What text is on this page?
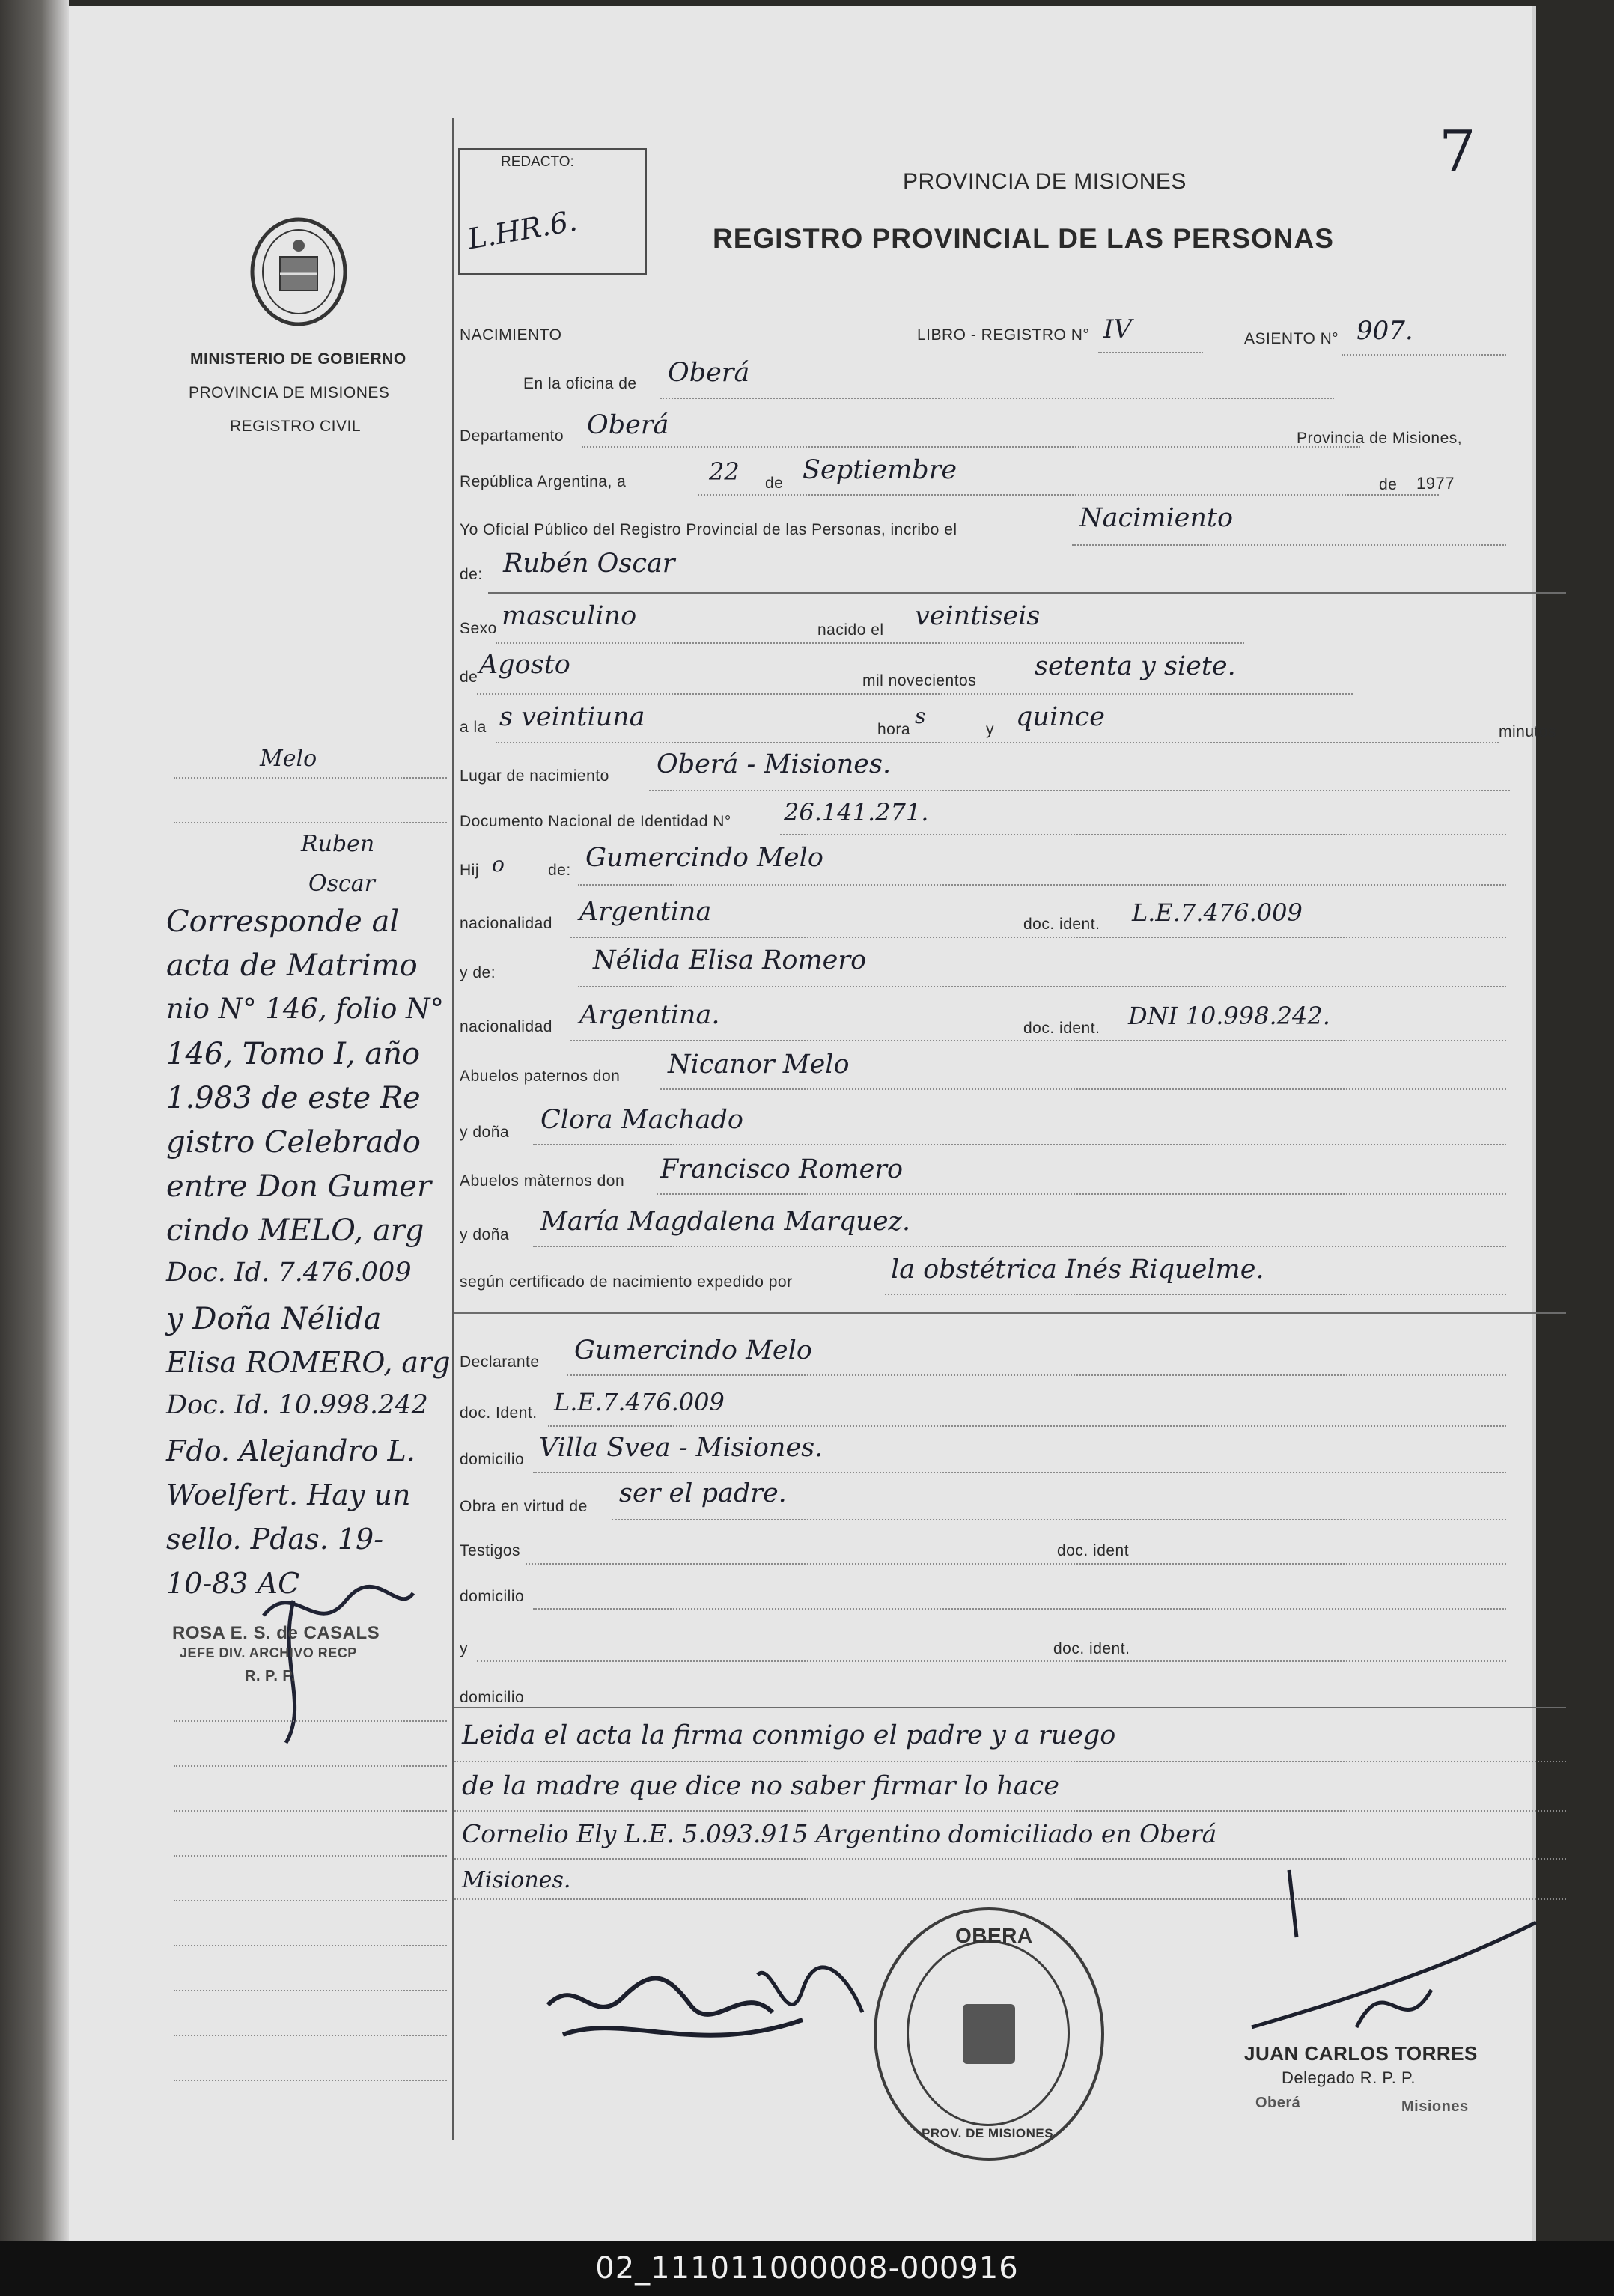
MINISTERIO DE GOBIERNO
PROVINCIA DE MISIONES
REGISTRO CIVIL
REDACTO:
L.HR.6.
7
PROVINCIA DE MISIONES
REGISTRO PROVINCIAL DE LAS PERSONAS
NACIMIENTO	LIBRO - REGISTRO N° IV	ASIENTO N° 907.
En la oficina de Oberá
Departamento Oberá	Provincia de Misiones,
República Argentina, a	22 de Septiembre	de 1977
Yo Oficial Público del Registro Provincial de las Personas, incribo el	Nacimiento
de: Rubén Oscar
Sexo masculino	nacido el veintiseis
de Agosto
mil novecientos setenta y siete.
a la s veintiuna	hora
s
y quince	minutos
Lugar de nacimiento Oberá - Misiones.
Documento Nacional de Identidad N° 26.141.271.
Hij o	de: Gumercindo Melo
nacionalidad Argentina	doc. ident. L.E.7.476.009
y de:	Nélida Elisa Romero
nacionalidad Argentina.	doc. ident. DNI 10.998.242.
Abuelos paternos don Nicanor Melo
y doña Clora Machado
Abuelos màternos don Francisco Romero
y doña María Magdalena Marquez.
según certificado de nacimiento expedido por	la obstétrica Inés Riquelme.
Declarante Gumercindo Melo
doc. Ident. L.E.7.476.009
domicilio Villa Svea - Misiones.
Obra en virtud de ser el padre.
Testigos	doc. ident
domicilio
y	doc. ident.
domicilio
Leida el acta la firma conmigo el padre y a ruego
de la madre que dice no saber firmar lo hace
Cornelio Ely L.E. 5.093.915 Argentino domiciliado en Oberá
Misiones.
Melo
Ruben
Oscar
Corresponde al
acta de Matrimo
nio N° 146, folio N°
146, Tomo I, año
1.983 de este Re
gistro Celebrado
entre Don Gumer
cindo MELO, arg
Doc. Id. 7.476.009
y Doña Nélida
Elisa ROMERO, arg
Doc. Id. 10.998.242
Fdo. Alejandro L.
Woelfert. Hay un
sello. Pdas. 19-
10-83 AC
ROSA E. S. de CASALS
JEFE DIV. ARCHIVO RECP
R. P. P.
OBERA
PROV. DE MISIONES
JUAN CARLOS TORRES
Delegado R. P. P.
Oberá	Misiones
02_111011000008-000916
